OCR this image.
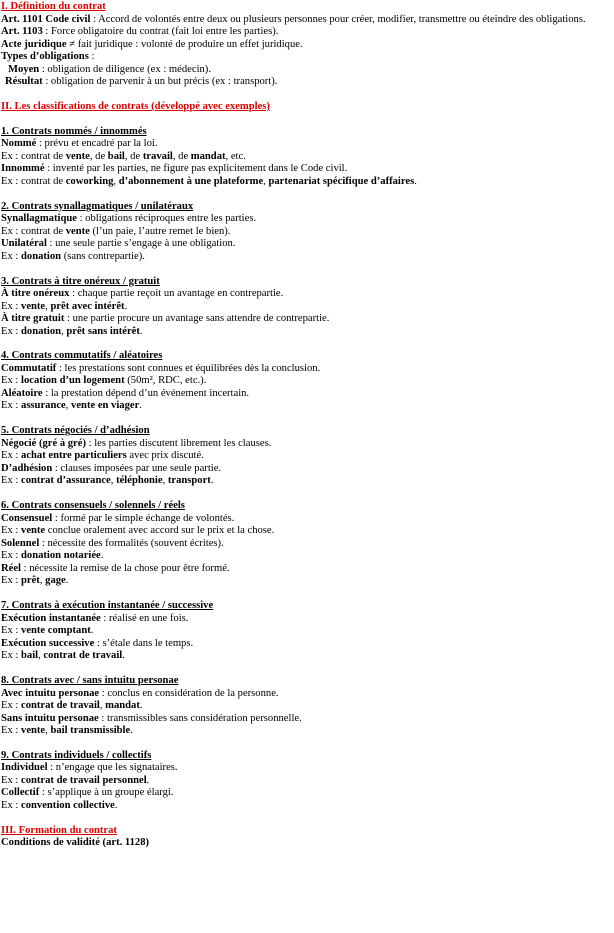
I. Définition du contrat
Art. 1101 Code civil : Accord de volontés entre deux ou plusieurs personnes pour créer, modifier, transmettre ou éteindre des obligations.
Art. 1103 : Force obligatoire du contrat (fait loi entre les parties).
Acte juridique ≠ fait juridique : volonté de produire un effet juridique.
Types d’obligations :
Moyen : obligation de diligence (ex : médecin).
Résultat : obligation de parvenir à un but précis (ex : transport).
II. Les classifications de contrats (développé avec exemples)
1. Contrats nommés / innommés
Nommé : prévu et encadré par la loi.
Ex : contrat de vente, de bail, de travail, de mandat, etc.
Innommé : inventé par les parties, ne figure pas explicitement dans le Code civil.
Ex : contrat de coworking, d’abonnement à une plateforme, partenariat spécifique d’affaires.
2. Contrats synallagmatiques / unilatéraux
Synallagmatique : obligations réciproques entre les parties.
Ex : contrat de vente (l’un paie, l’autre remet le bien).
Unilatéral : une seule partie s’engage à une obligation.
Ex : donation (sans contrepartie).
3. Contrats à titre onéreux / gratuit
À titre onéreux : chaque partie reçoit un avantage en contrepartie.
Ex : vente, prêt avec intérêt.
À titre gratuit : une partie procure un avantage sans attendre de contrepartie.
Ex : donation, prêt sans intérêt.
4. Contrats commutatifs / aléatoires
Commutatif : les prestations sont connues et équilibrées dès la conclusion.
Ex : location d’un logement (50m², RDC, etc.).
Aléatoire : la prestation dépend d’un événement incertain.
Ex : assurance, vente en viager.
5. Contrats négociés / d’adhésion
Négocié (gré à gré) : les parties discutent librement les clauses.
Ex : achat entre particuliers avec prix discuté.
D’adhésion : clauses imposées par une seule partie.
Ex : contrat d’assurance, téléphonie, transport.
6. Contrats consensuels / solennels / réels
Consensuel : formé par le simple échange de volontés.
Ex : vente conclue oralement avec accord sur le prix et la chose.
Solennel : nécessite des formalités (souvent écrites).
Ex : donation notariée.
Réel : nécessite la remise de la chose pour être formé.
Ex : prêt, gage.
7. Contrats à exécution instantanée / successive
Exécution instantanée : réalisé en une fois.
Ex : vente comptant.
Exécution successive : s’étale dans le temps.
Ex : bail, contrat de travail.
8. Contrats avec / sans intuitu personae
Avec intuitu personae : conclus en considération de la personne.
Ex : contrat de travail, mandat.
Sans intuitu personae : transmissibles sans considération personnelle.
Ex : vente, bail transmissible.
9. Contrats individuels / collectifs
Individuel : n’engage que les signataires.
Ex : contrat de travail personnel.
Collectif : s’applique à un groupe élargi.
Ex : convention collective.
III. Formation du contrat
Conditions de validité (art. 1128)
